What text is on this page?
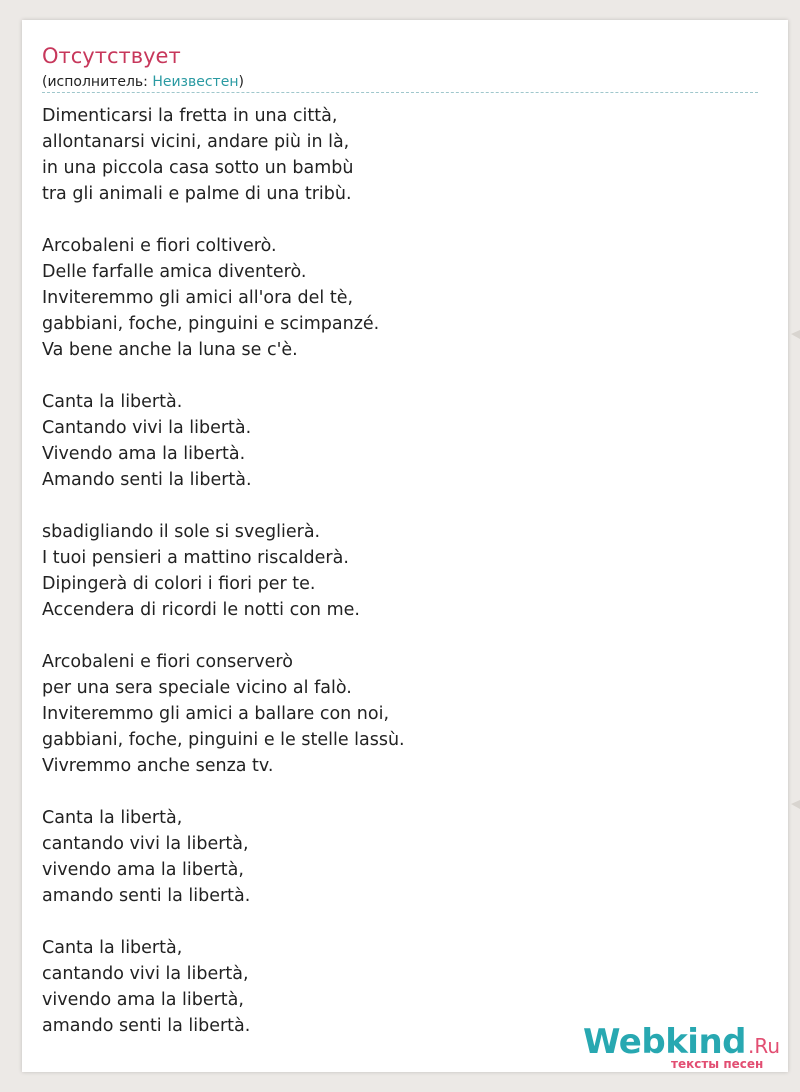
Отсутствует
(исполнитель: Неизвестен)
Dimenticarsi la fretta in una città,
allontanarsi vicini, andare più in là,
in una piccola casa sotto un bambù
tra gli animali e palme di una tribù.
Arcobaleni e fiori coltiverò.
Delle farfalle amica diventerò.
Inviteremmo gli amici all'ora del tè,
gabbiani, foche, pinguini e scimpanzé.
Va bene anche la luna se c'è.
Canta la libertà.
Cantando vivi la libertà.
Vivendo ama la libertà.
Amando senti la libertà.
sbadigliando il sole si sveglierà.
I tuoi pensieri a mattino riscalderà.
Dipingerà di colori i fiori per te.
Accendera di ricordi le notti con me.
Arcobaleni e fiori conserverò
per una sera speciale vicino al falò.
Inviteremmo gli amici a ballare con noi,
gabbiani, foche, pinguini e le stelle lassù.
Vivremmo anche senza tv.
Canta la libertà,
cantando vivi la libertà,
vivendo ama la libertà,
amando senti la libertà.
Canta la libertà,
cantando vivi la libertà,
vivendo ama la libertà,
amando senti la libertà.	Webkind .Ru
тексты песен
